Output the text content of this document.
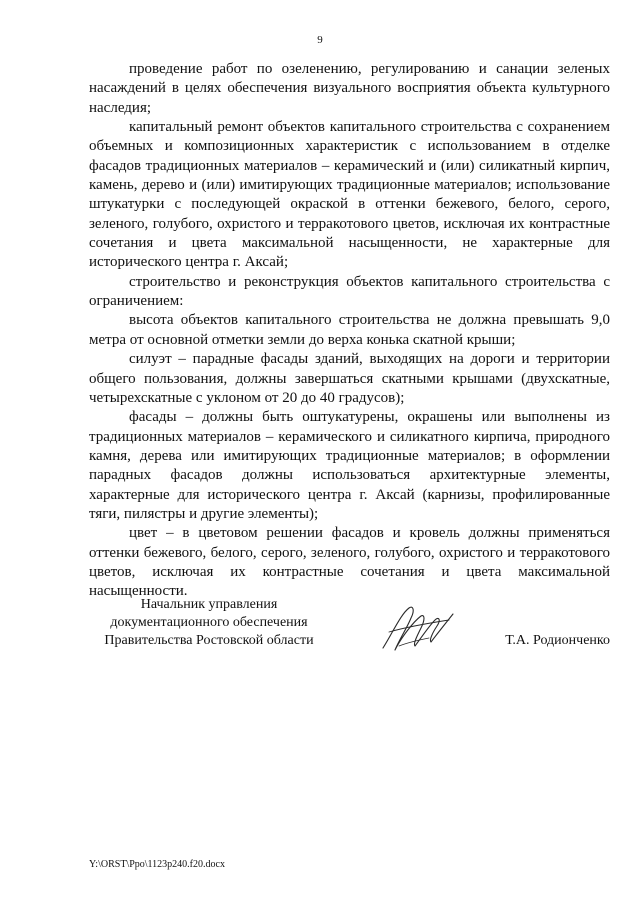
9

проведение работ по озеленению, регулированию и санации зеленых насаждений в целях обеспечения визуального восприятия объекта культурного наследия;

капитальный ремонт объектов капитального строительства с сохранением объемных и композиционных характеристик с использованием в отделке фасадов традиционных материалов – керамический и (или) силикатный кирпич, камень, дерево и (или) имитирующих традиционные материалов; использование штукатурки с последующей окраской в оттенки бежевого, белого, серого, зеленого, голубого, охристого и терракотового цветов, исключая их контрастные сочетания и цвета максимальной насыщенности, не характерные для исторического центра г. Аксай;

строительство и реконструкция объектов капитального строительства с ограничением:

высота объектов капитального строительства не должна превышать 9,0 метра от основной отметки земли до верха конька скатной крыши;

силуэт – парадные фасады зданий, выходящих на дороги и территории общего пользования, должны завершаться скатными крышами (двухскатные, четырехскатные с уклоном от 20 до 40 градусов);

фасады – должны быть оштукатурены, окрашены или выполнены из традиционных материалов – керамического и силикатного кирпича, природного камня, дерева или имитирующих традиционные материалов; в оформлении парадных фасадов должны использоваться архитектурные элементы, характерные для исторического центра г. Аксай (карнизы, профилированные тяги, пилястры и другие элементы);

цвет – в цветовом решении фасадов и кровель должны применяться оттенки бежевого, белого, серого, зеленого, голубого, охристого и терракотового цветов, исключая их контрастные сочетания и цвета максимальной насыщенности.

Начальник управления
документационного обеспечения
Правительства Ростовской области	Т.А. Родионченко
Y:\ORST\Ppo\1123p240.f20.docx
